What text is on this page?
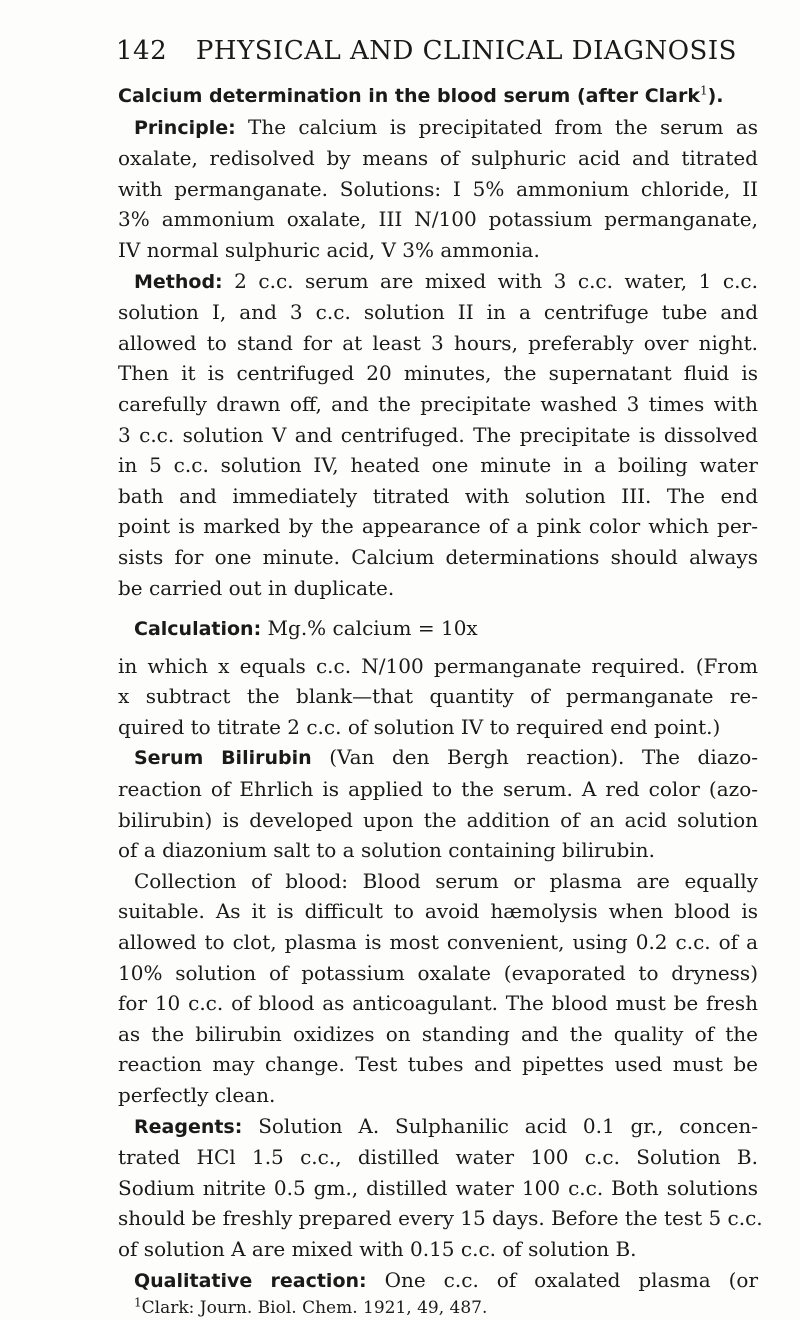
142 PHYSICAL AND CLINICAL DIAGNOSIS
Calcium determination in the blood serum (after Clark$^1$).
Principle: The calcium is precipitated from the serum as
oxalate, redisolved by means of sulphuric acid and titrated
with permanganate. Solutions: I 5% ammonium chloride, II
3% ammonium oxalate, III N/100 potassium permanganate,
IV normal sulphuric acid, V 3% ammonia.
Method: 2 c.c. serum are mixed with 3 c.c. water, 1 c.c.
solution I, and 3 c.c. solution II in a centrifuge tube and
allowed to stand for at least 3 hours, preferably over night.
Then it is centrifuged 20 minutes, the supernatant fluid is
carefully drawn off, and the precipitate washed 3 times with
3 c.c. solution V and centrifuged. The precipitate is dissolved
in 5 c.c. solution IV, heated one minute in a boiling water
bath and immediately titrated with solution III. The end
point is marked by the appearance of a pink color which per-
sists for one minute. Calcium determinations should always
be carried out in duplicate.
Calculation: Mg.% calcium = 10x
in which x equals c.c. N/100 permanganate required. (From
x subtract the blank—that quantity of permanganate re-
quired to titrate 2 c.c. of solution IV to required end point.)
Serum Bilirubin (Van den Bergh reaction). The diazo-
reaction of Ehrlich is applied to the serum. A red color (azo-
bilirubin) is developed upon the addition of an acid solution
of a diazonium salt to a solution containing bilirubin.
Collection of blood: Blood serum or plasma are equally
suitable. As it is difficult to avoid hæmolysis when blood is
allowed to clot, plasma is most convenient, using 0.2 c.c. of a
10% solution of potassium oxalate (evaporated to dryness)
for 10 c.c. of blood as anticoagulant. The blood must be fresh
as the bilirubin oxidizes on standing and the quality of the
reaction may change. Test tubes and pipettes used must be
perfectly clean.
Reagents: Solution A. Sulphanilic acid 0.1 gr., concen-
trated HCl 1.5 c.c., distilled water 100 c.c. Solution B.
Sodium nitrite 0.5 gm., distilled water 100 c.c. Both solutions
should be freshly prepared every 15 days. Before the test 5 c.c.
of solution A are mixed with 0.15 c.c. of solution B.
Qualitative reaction: One c.c. of oxalated plasma (or
$^1$Clark: Journ. Biol. Chem. 1921, 49, 487.
